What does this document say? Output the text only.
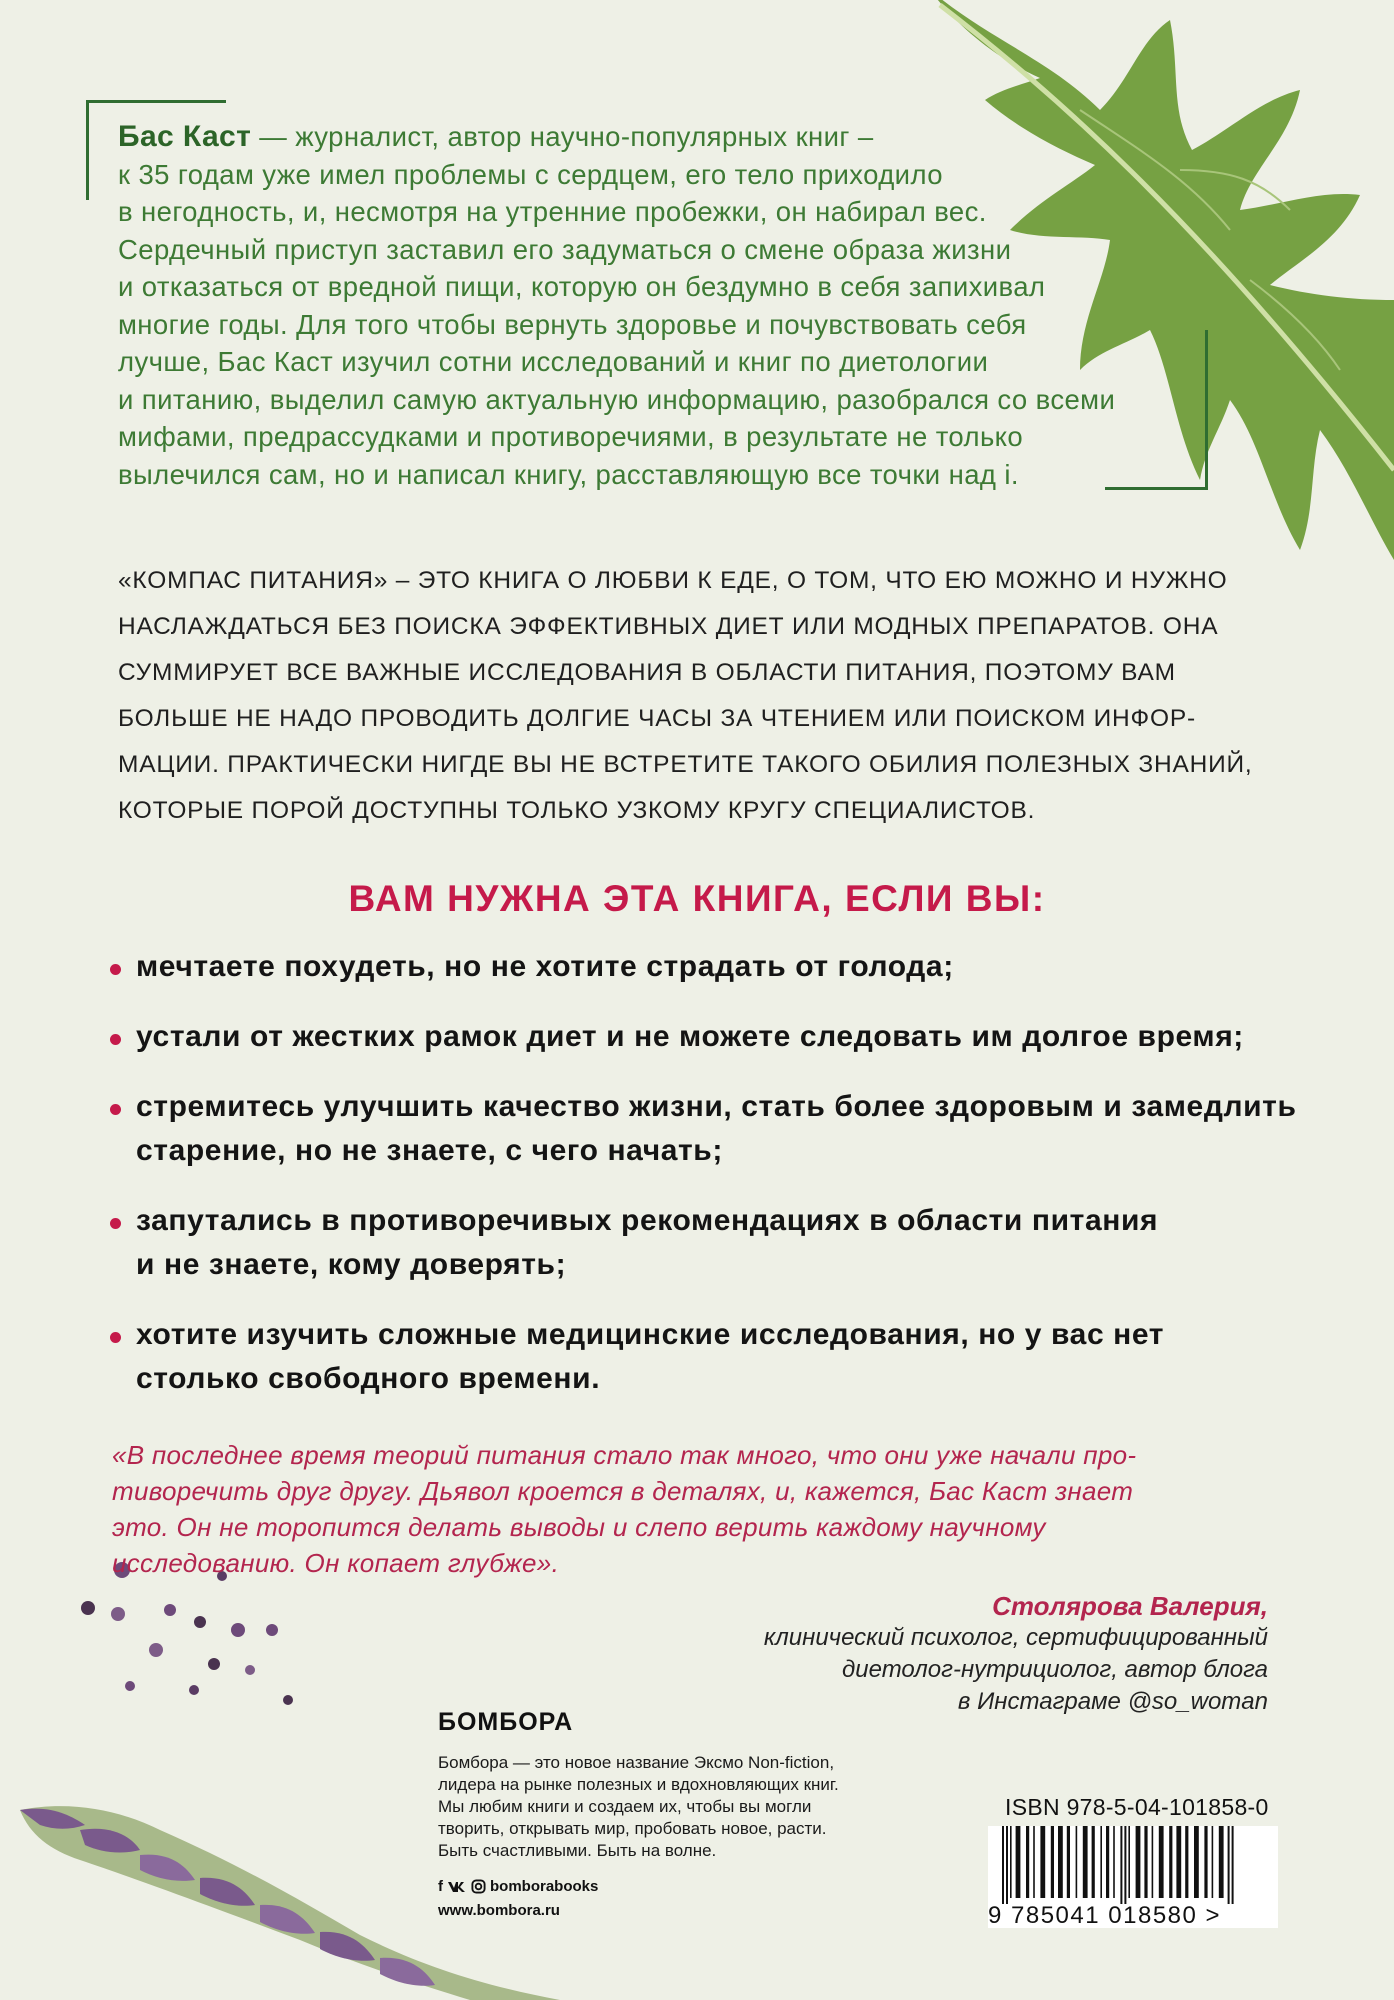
Бас Каст — журналист, автор научно-популярных книг –
к 35 годам уже имел проблемы с сердцем, его тело приходило
в негодность, и, несмотря на утренние пробежки, он набирал вес.
Сердечный приступ заставил его задуматься о смене образа жизни
и отказаться от вредной пищи, которую он бездумно в себя запихивал
многие годы. Для того чтобы вернуть здоровье и почувствовать себя
лучше, Бас Каст изучил сотни исследований и книг по диетологии
и питанию, выделил самую актуальную информацию, разобрался со всеми
мифами, предрассудками и противоречиями, в результате не только
вылечился сам, но и написал книгу, расставляющую все точки над i.
«КОМПАС ПИТАНИЯ» – ЭТО КНИГА О ЛЮБВИ К ЕДЕ, О ТОМ, ЧТО ЕЮ МОЖНО И НУЖНО
НАСЛАЖДАТЬСЯ БЕЗ ПОИСКА ЭФФЕКТИВНЫХ ДИЕТ ИЛИ МОДНЫХ ПРЕПАРАТОВ. ОНА
СУММИРУЕТ ВСЕ ВАЖНЫЕ ИССЛЕДОВАНИЯ В ОБЛАСТИ ПИТАНИЯ, ПОЭТОМУ ВАМ
БОЛЬШЕ НЕ НАДО ПРОВОДИТЬ ДОЛГИЕ ЧАСЫ ЗА ЧТЕНИЕМ ИЛИ ПОИСКОМ ИНФОР-
МАЦИИ. ПРАКТИЧЕСКИ НИГДЕ ВЫ НЕ ВСТРЕТИТЕ ТАКОГО ОБИЛИЯ ПОЛЕЗНЫХ ЗНАНИЙ,
КОТОРЫЕ ПОРОЙ ДОСТУПНЫ ТОЛЬКО УЗКОМУ КРУГУ СПЕЦИАЛИСТОВ.
ВАМ НУЖНА ЭТА КНИГА, ЕСЛИ ВЫ:
мечтаете похудеть, но не хотите страдать от голода;
устали от жестких рамок диет и не можете следовать им долгое время;
стремитесь улучшить качество жизни, стать более здоровым и замедлить
старение, но не знаете, с чего начать;
запутались в противоречивых рекомендациях в области питания
и не знаете, кому доверять;
хотите изучить сложные медицинские исследования, но у вас нет
столько свободного времени.
«В последнее время теорий питания стало так много, что они уже начали про-
тиворечить друг другу. Дьявол кроется в деталях, и, кажется, Бас Каст знает
это. Он не торопится делать выводы и слепо верить каждому научному
исследованию. Он копает глубже».
Столярова Валерия,
клинический психолог, сертифицированный
диетолог-нутрициолог, автор блога
в Инстаграме @so_woman
БОМБОРА
Бомбора — это новое название Эксмо Non-fiction,
лидера на рынке полезных и вдохновляющих книг.
Мы любим книги и создаем их, чтобы вы могли
творить, открывать мир, пробовать новое, расти.
Быть счастливыми. Быть на волне.
f	bomborabooks
www.bombora.ru
ISBN 978-5-04-101858-0
9 785041 018580 >
